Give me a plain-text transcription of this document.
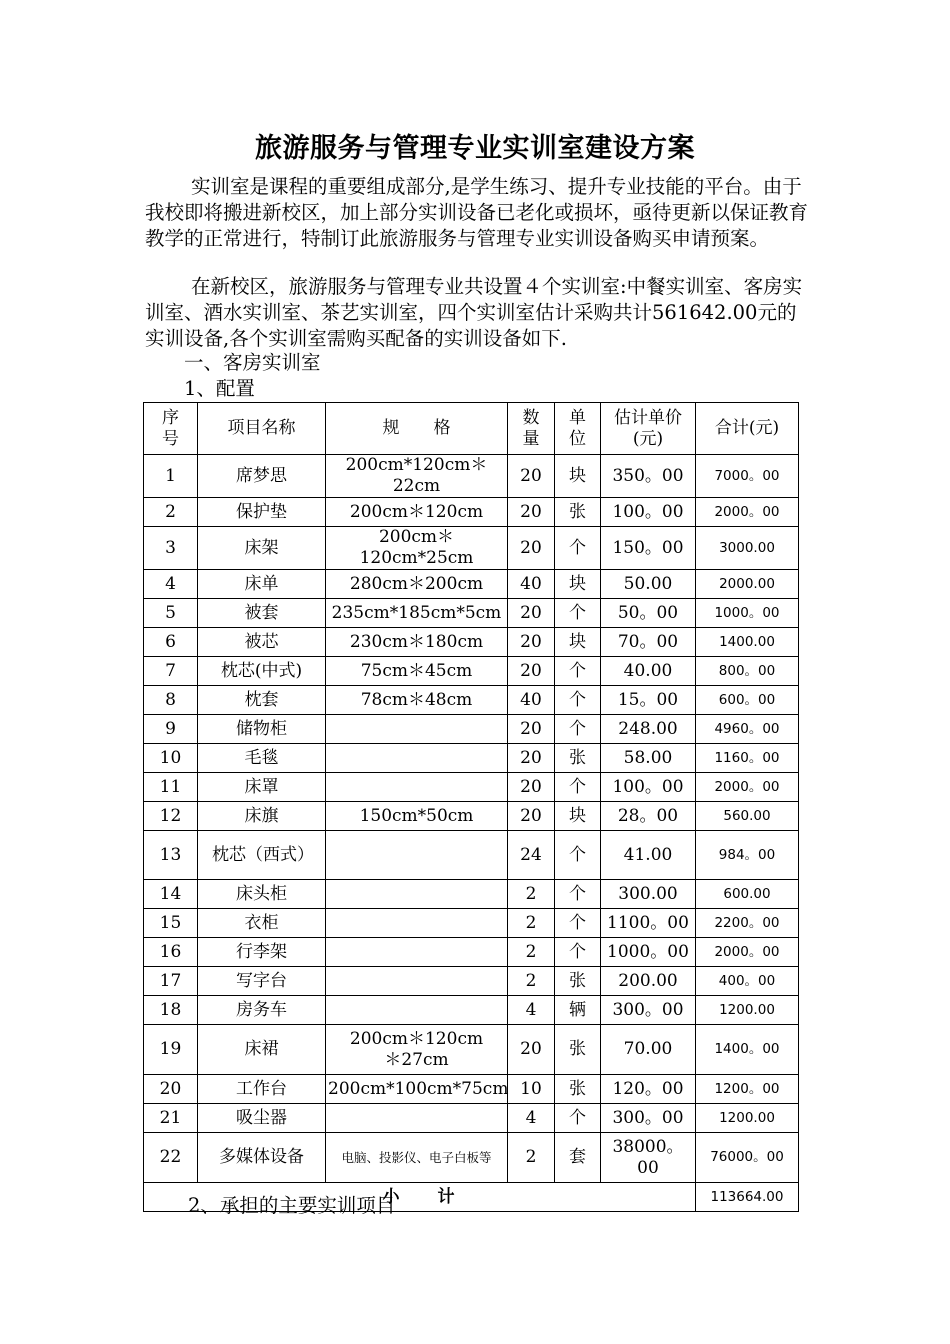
旅游服务与管理专业实训室建设方案

实训室是课程的重要组成部分,是学生练习、提升专业技能的平台。由于我校即将搬进新校区，加上部分实训设备已老化或损坏，亟待更新以保证教育教学的正常进行，特制订此旅游服务与管理专业实训设备购买申请预案。

在新校区，旅游服务与管理专业共设置４个实训室:中餐实训室、客房实训室、酒水实训室、茶艺实训室，四个实训室估计采购共计561642.00元的实训设备,各个实训室需购买配备的实训设备如下.

一、客房实训室

1、配置

序号	项目名称	规　　格	数量	单位	估计单价(元)	合计(元)
1	席梦思	200cm*120cm＊22cm	20	块	350。00	7000。00
2	保护垫	200cm＊120cm	20	张	100。00	2000。00
3	床架	200cm＊120cm*25cm	20	个	150。00	3000.00
4	床单	280cm＊200cm	40	块	50.00	2000.00
5	被套	235cm*185cm*5cm	20	个	50。00	1000。00
6	被芯	230cm＊180cm	20	块	70。00	1400.00
7	枕芯(中式)	75cm＊45cm	20	个	40.00	800。00
8	枕套	78cm＊48cm	40	个	15。00	600。00
9	储物柜		20	个	248.00	4960。00
10	毛毯		20	张	58.00	1160。00
11	床罩		20	个	100。00	2000。00
12	床旗	150cm*50cm	20	块	28。00	560.00
13	枕芯（西式）		24	个	41.00	984。00
14	床头柜		2	个	300.00	600.00
15	衣柜		2	个	1100。00	2200。00
16	行李架		2	个	1000。00	2000。00
17	写字台		2	张	200.00	400。00
18	房务车		4	辆	300。00	1200.00
19	床裙	200cm＊120cm＊27cm	20	张	70.00	1400。00
20	工作台	200cm*100cm*75cm	10	张	120。00	1200。00
21	吸尘器		4	个	300。00	1200.00
22	多媒体设备	电脑、投影仪、电子白板等	2	套	38000。00	76000。00
小计						113664.00

2、承担的主要实训项目
